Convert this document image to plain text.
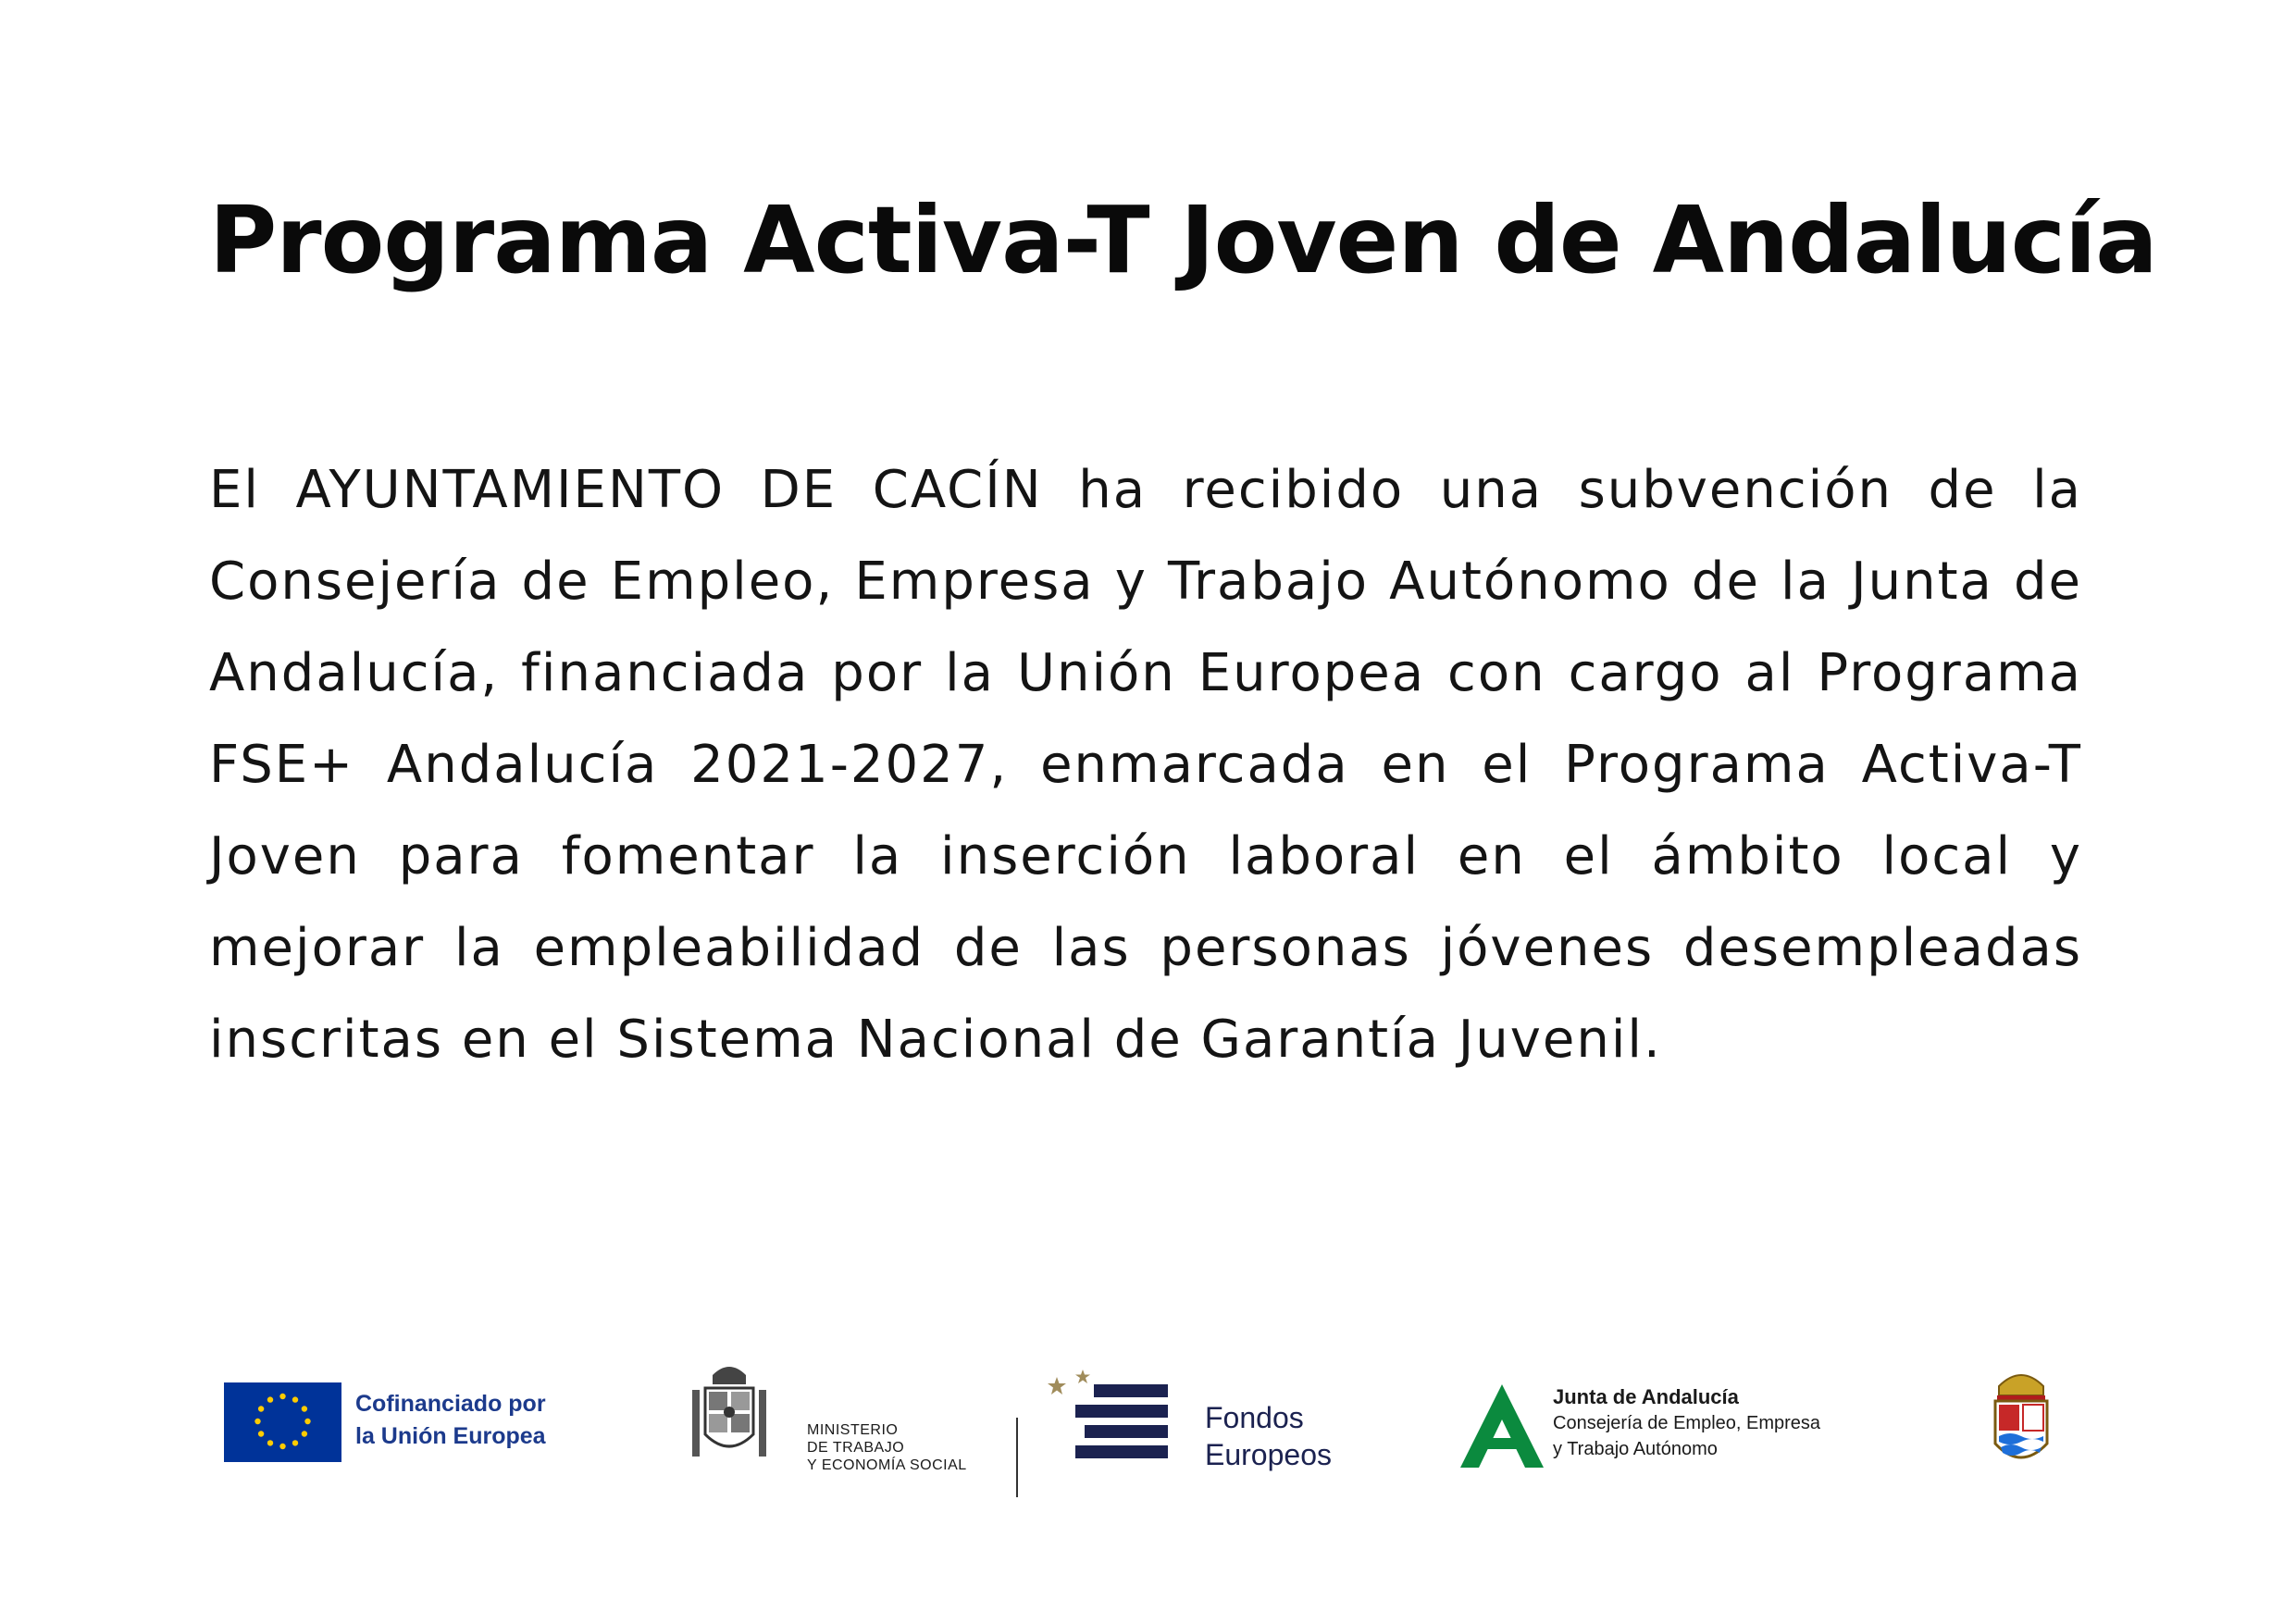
Programa Activa-T Joven de Andalucía

El AYUNTAMIENTO DE CACÍN ha recibido una subvención de la Consejería de Empleo, Empresa y Trabajo Autónomo de la Junta de Andalucía, financiada por la Unión Europea con cargo al Programa FSE+ Andalucía 2021-2027, enmarcada en el Programa Activa-T Joven para fomentar la inserción laboral en el ámbito local y mejorar la empleabilidad de las personas jóvenes desempleadas inscritas en el Sistema Nacional de Garantía Juvenil.

Cofinanciado por
la Unión Europea	MINISTERIO
DE TRABAJO
Y ECONOMÍA SOCIAL
Fondos
Europeos
Junta de Andalucía
Consejería de Empleo, Empresa
y Trabajo Autónomo
